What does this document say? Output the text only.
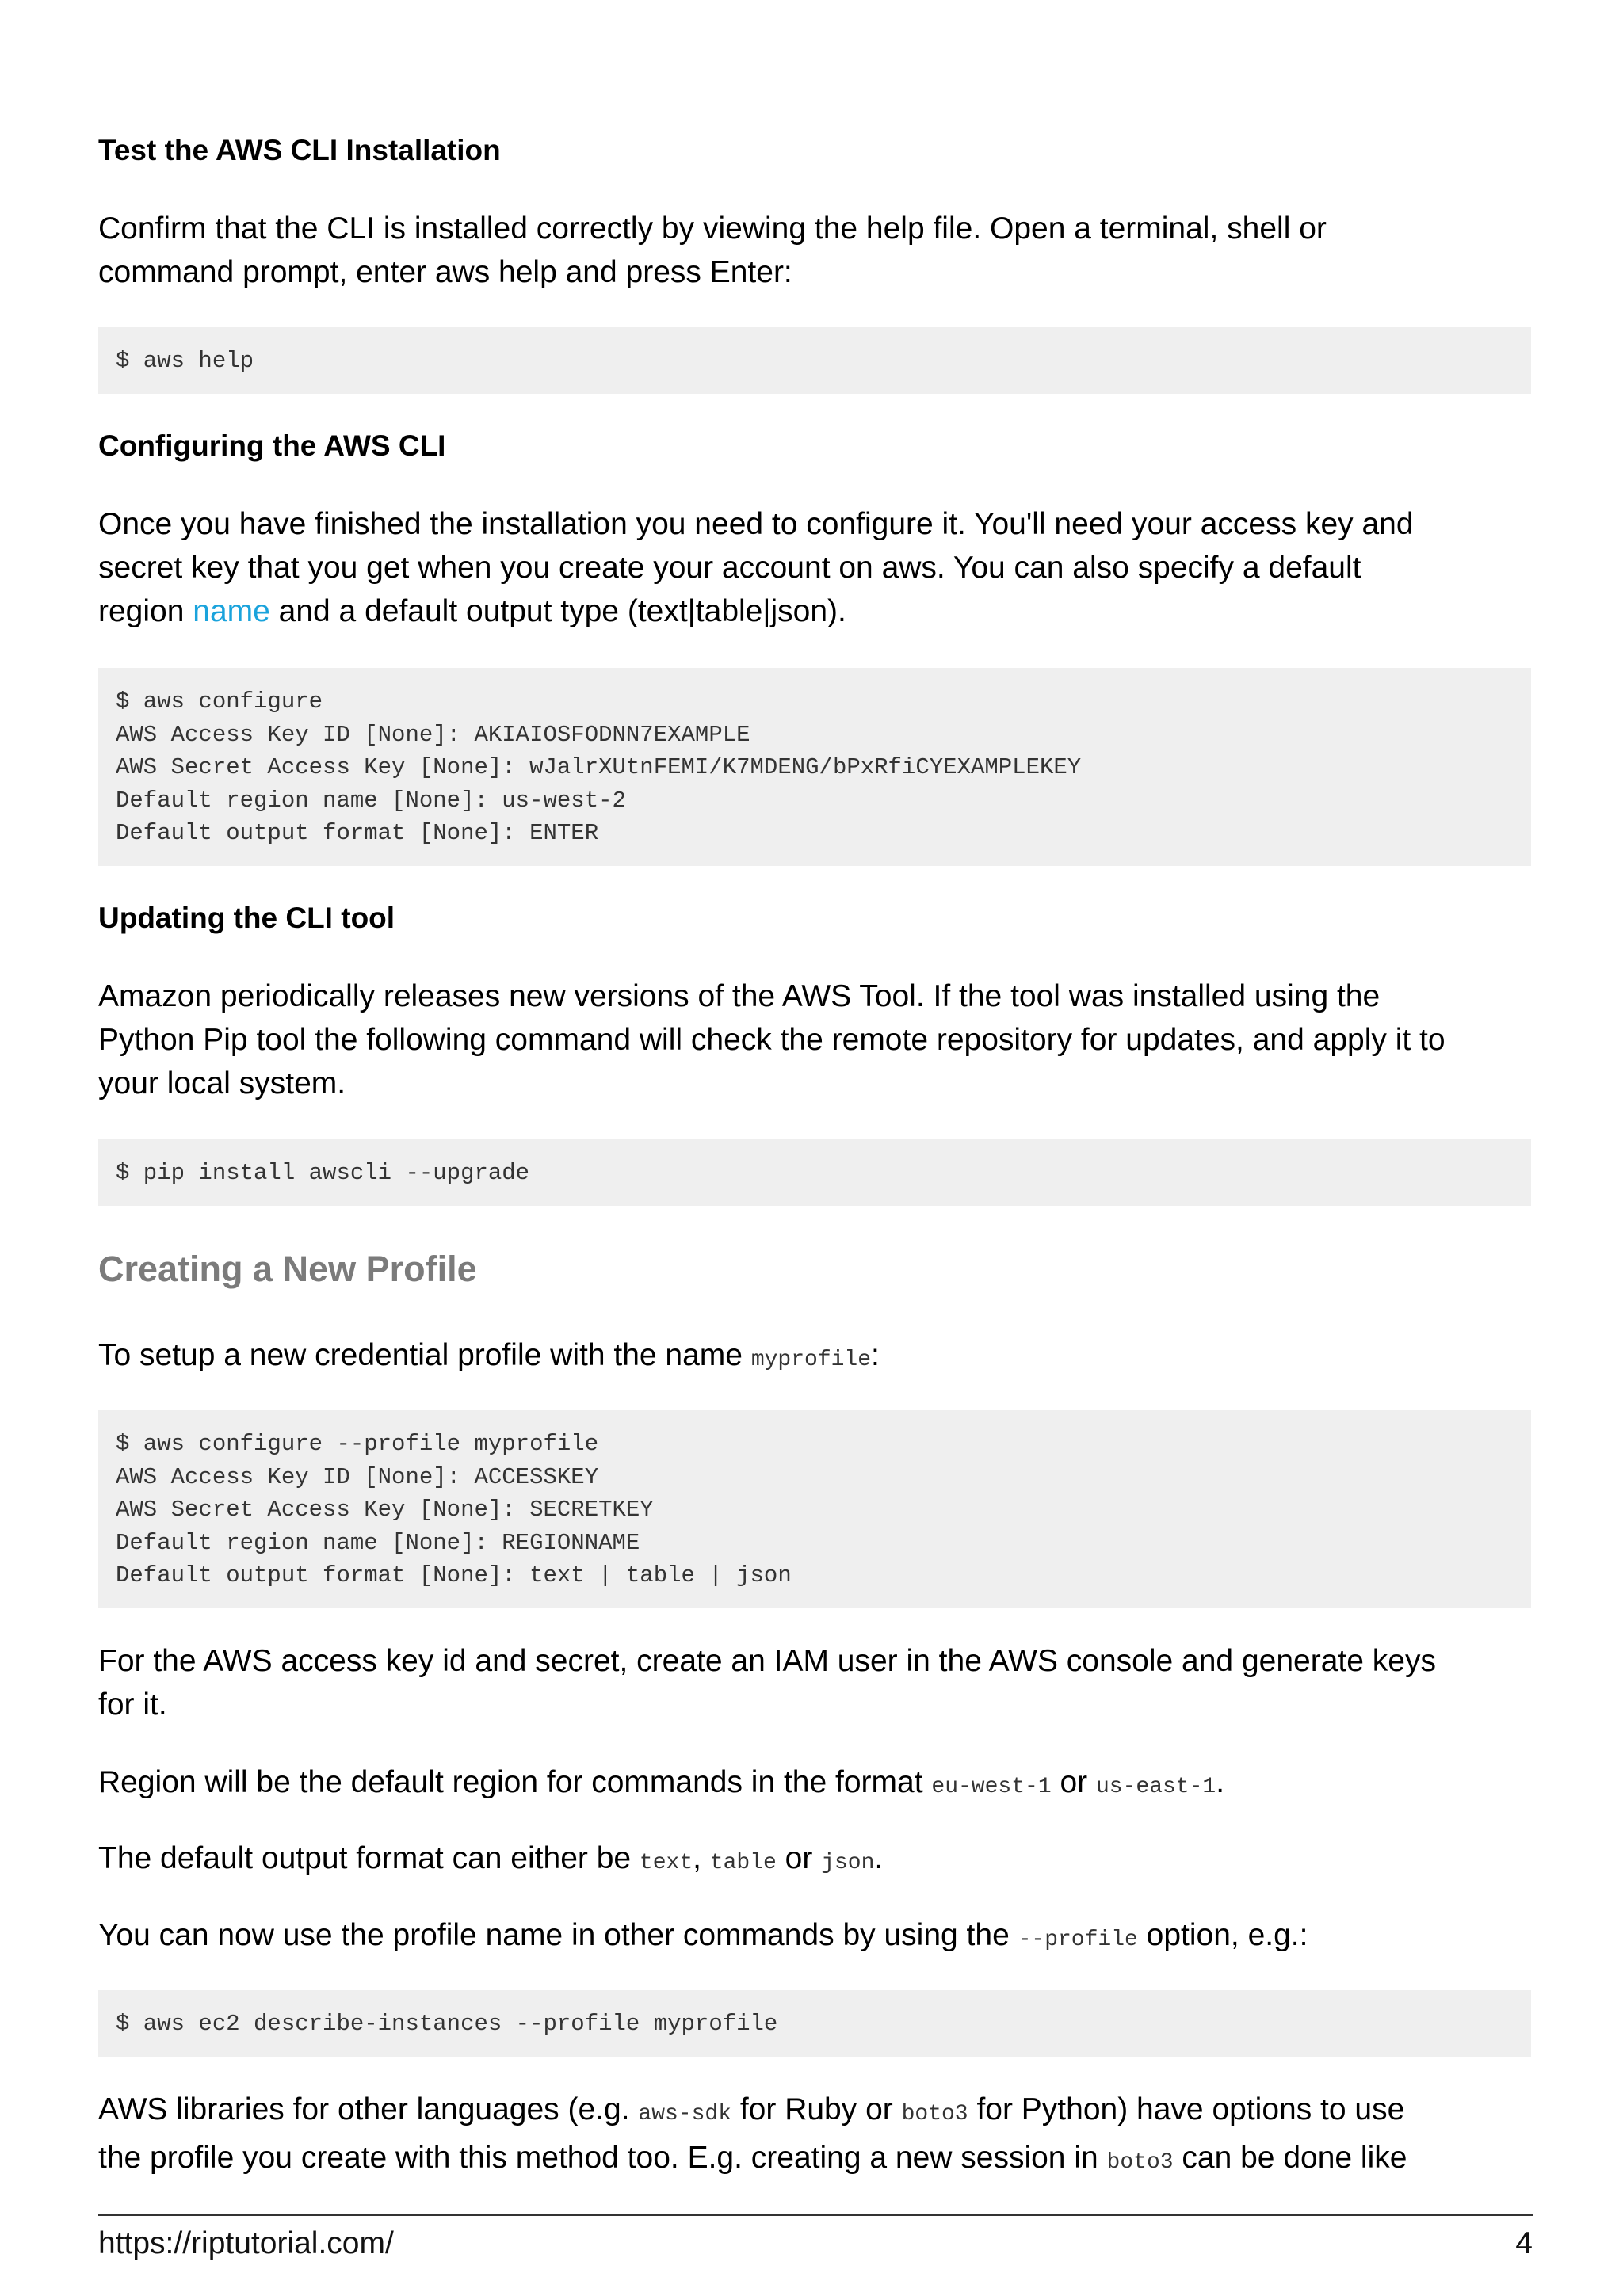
Test the AWS CLI Installation
Confirm that the CLI is installed correctly by viewing the help file. Open a terminal, shell or
command prompt, enter aws help and press Enter:
$ aws help
Configuring the AWS CLI
Once you have finished the installation you need to configure it. You'll need your access key and
secret key that you get when you create your account on aws. You can also specify a default
region name and a default output type (text|table|json).
$ aws configure
AWS Access Key ID [None]: AKIAIOSFODNN7EXAMPLE
AWS Secret Access Key [None]: wJalrXUtnFEMI/K7MDENG/bPxRfiCYEXAMPLEKEY
Default region name [None]: us-west-2
Default output format [None]: ENTER
Updating the CLI tool
Amazon periodically releases new versions of the AWS Tool. If the tool was installed using the
Python Pip tool the following command will check the remote repository for updates, and apply it to
your local system.
$ pip install awscli --upgrade
Creating a New Profile
To setup a new credential profile with the name myprofile:
$ aws configure --profile myprofile
AWS Access Key ID [None]: ACCESSKEY
AWS Secret Access Key [None]: SECRETKEY
Default region name [None]: REGIONNAME
Default output format [None]: text | table | json
For the AWS access key id and secret, create an IAM user in the AWS console and generate keys
for it.
Region will be the default region for commands in the format eu-west-1 or us-east-1.
The default output format can either be text, table or json.
You can now use the profile name in other commands by using the --profile option, e.g.:
$ aws ec2 describe-instances --profile myprofile
AWS libraries for other languages (e.g. aws-sdk for Ruby or boto3 for Python) have options to use
the profile you create with this method too. E.g. creating a new session in boto3 can be done like
https://riptutorial.com/	4
